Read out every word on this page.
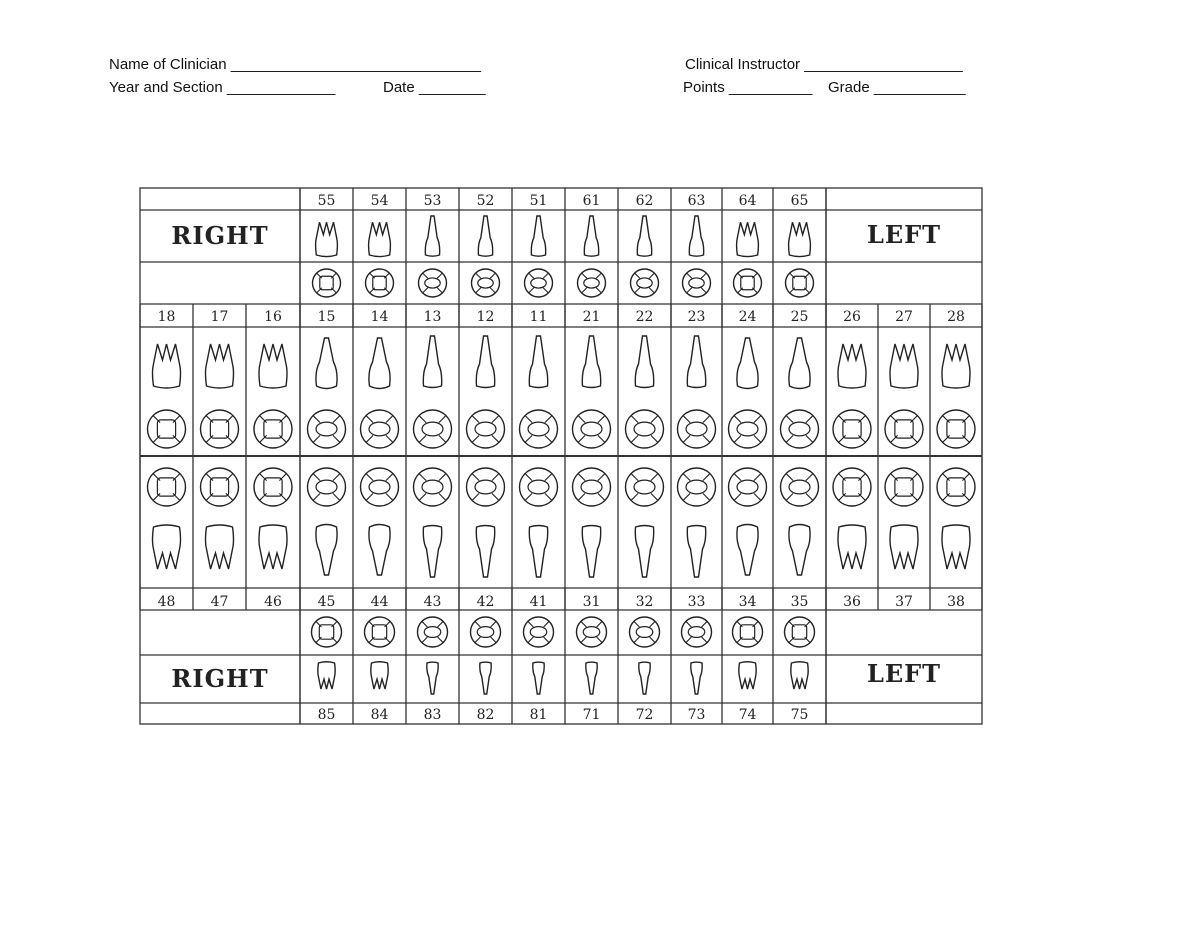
Name of Clinician ______________________________
Year and Section _____________	Date ________
Clinical Instructor ___________________
Points __________ Grade ___________
RIGHT	LEFT
RIGHT	LEFT
55	54	53	52	51	61	62 63 64 65
18	17	16	15	14	13	12	11	21	22 23 24 25 26 27 28
48	47	46	45	44	43	42	41	31	32 33 34 35 36 37 38
85	84	83	82	81	71	72 73 74 75
